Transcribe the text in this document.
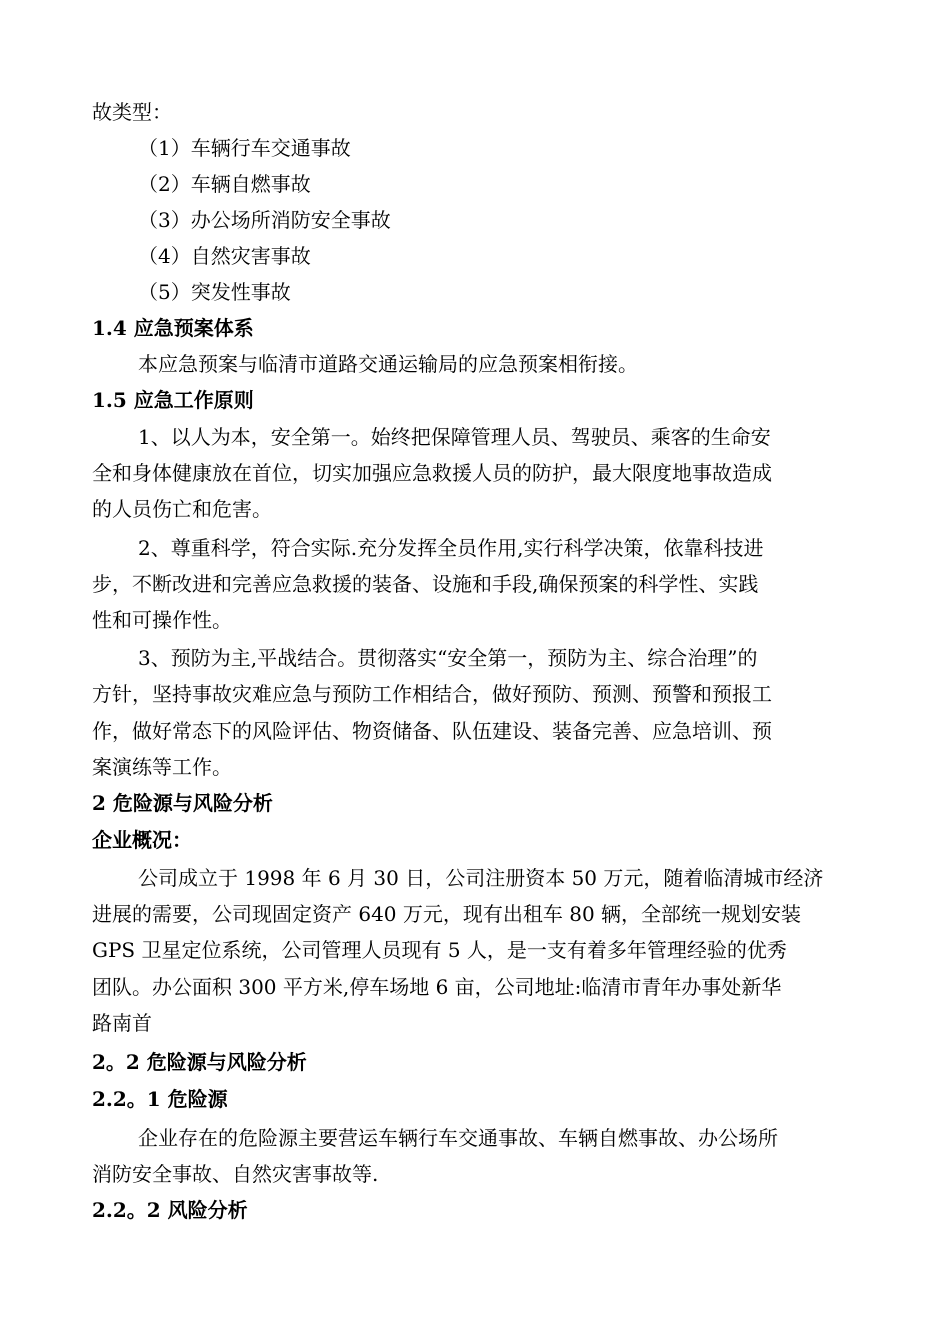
故类型：
（1）车辆行车交通事故
（2）车辆自燃事故
（3）办公场所消防安全事故
（4）自然灾害事故
（5）突发性事故
1.4 应急预案体系
本应急预案与临清市道路交通运输局的应急预案相衔接。
1.5 应急工作原则
1、以人为本，安全第一。始终把保障管理人员、驾驶员、乘客的生命安
全和身体健康放在首位，切实加强应急救援人员的防护，最大限度地事故造成
的人员伤亡和危害。
2、尊重科学，符合实际.充分发挥全员作用,实行科学决策，依靠科技进
步，不断改进和完善应急救援的装备、设施和手段,确保预案的科学性、实践
性和可操作性。
3、预防为主,平战结合。贯彻落实“安全第一，预防为主、综合治理”的
方针，坚持事故灾难应急与预防工作相结合，做好预防、预测、预警和预报工
作，做好常态下的风险评估、物资储备、队伍建设、装备完善、应急培训、预
案演练等工作。
2 危险源与风险分析
企业概况：
公司成立于 1998 年 6 月 30 日，公司注册资本 50 万元，随着临清城市经济
进展的需要，公司现固定资产 640 万元，现有出租车 80 辆，全部统一规划安装
GPS 卫星定位系统，公司管理人员现有 5 人，是一支有着多年管理经验的优秀
团队。办公面积 300 平方米,停车场地 6 亩，公司地址:临清市青年办事处新华
路南首
2。2 危险源与风险分析
2.2。1 危险源
企业存在的危险源主要营运车辆行车交通事故、车辆自燃事故、办公场所
消防安全事故、自然灾害事故等.
2.2。2 风险分析
